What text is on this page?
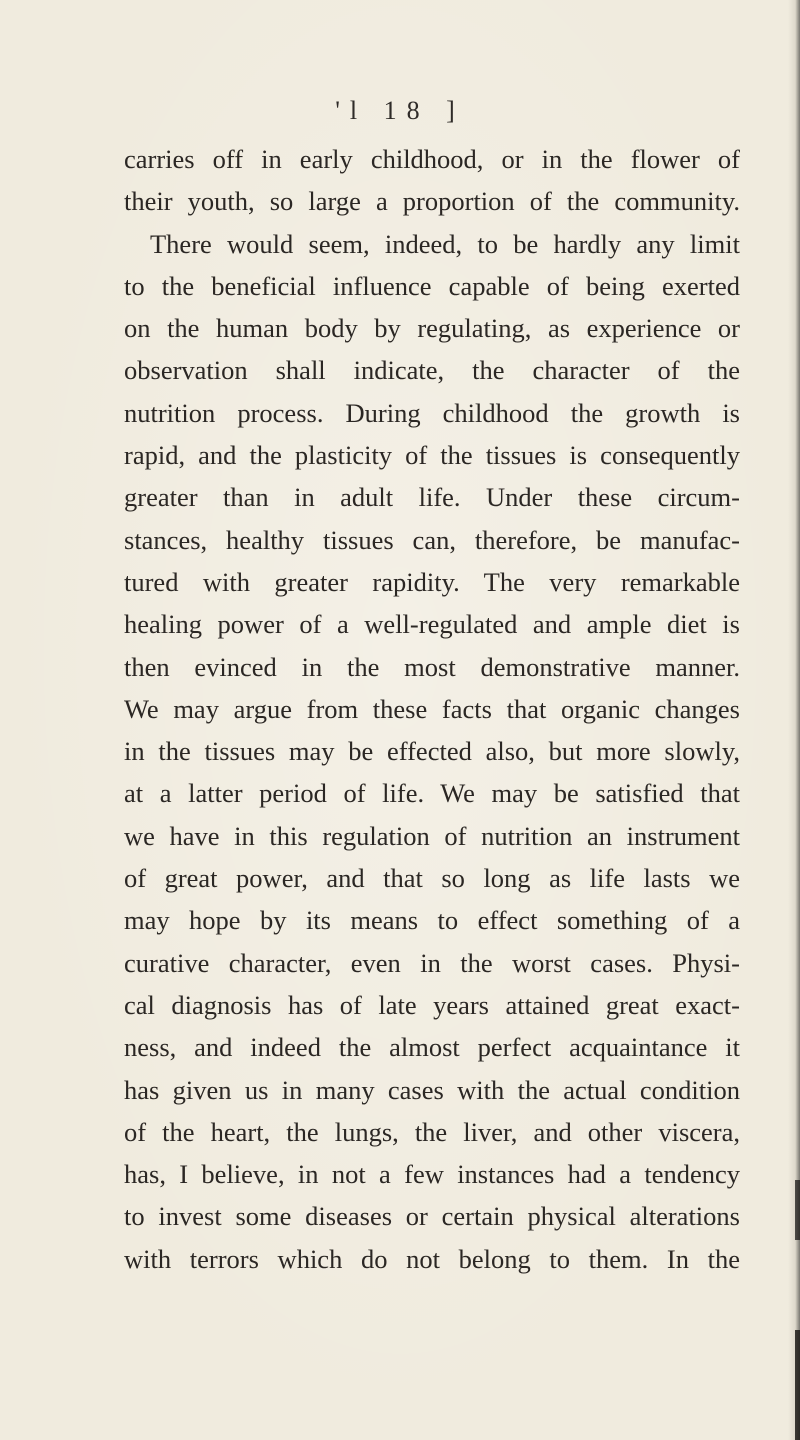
'l 18 ]
carries off in early childhood, or in the flower of
their youth, so large a proportion of the community.
There would seem, indeed, to be hardly any limit
to the beneficial influence capable of being exerted
on the human body by regulating, as experience or
observation shall indicate, the character of the
nutrition process. During childhood the growth is
rapid, and the plasticity of the tissues is consequently
greater than in adult life. Under these circum-
stances, healthy tissues can, therefore, be manufac-
tured with greater rapidity. The very remarkable
healing power of a well-regulated and ample diet is
then evinced in the most demonstrative manner.
We may argue from these facts that organic changes
in the tissues may be effected also, but more slowly,
at a latter period of life. We may be satisfied that
we have in this regulation of nutrition an instrument
of great power, and that so long as life lasts we
may hope by its means to effect something of a
curative character, even in the worst cases. Physi-
cal diagnosis has of late years attained great exact-
ness, and indeed the almost perfect acquaintance it
has given us in many cases with the actual condition
of the heart, the lungs, the liver, and other viscera,
has, I believe, in not a few instances had a tendency
to invest some diseases or certain physical alterations
with terrors which do not belong to them. In the
